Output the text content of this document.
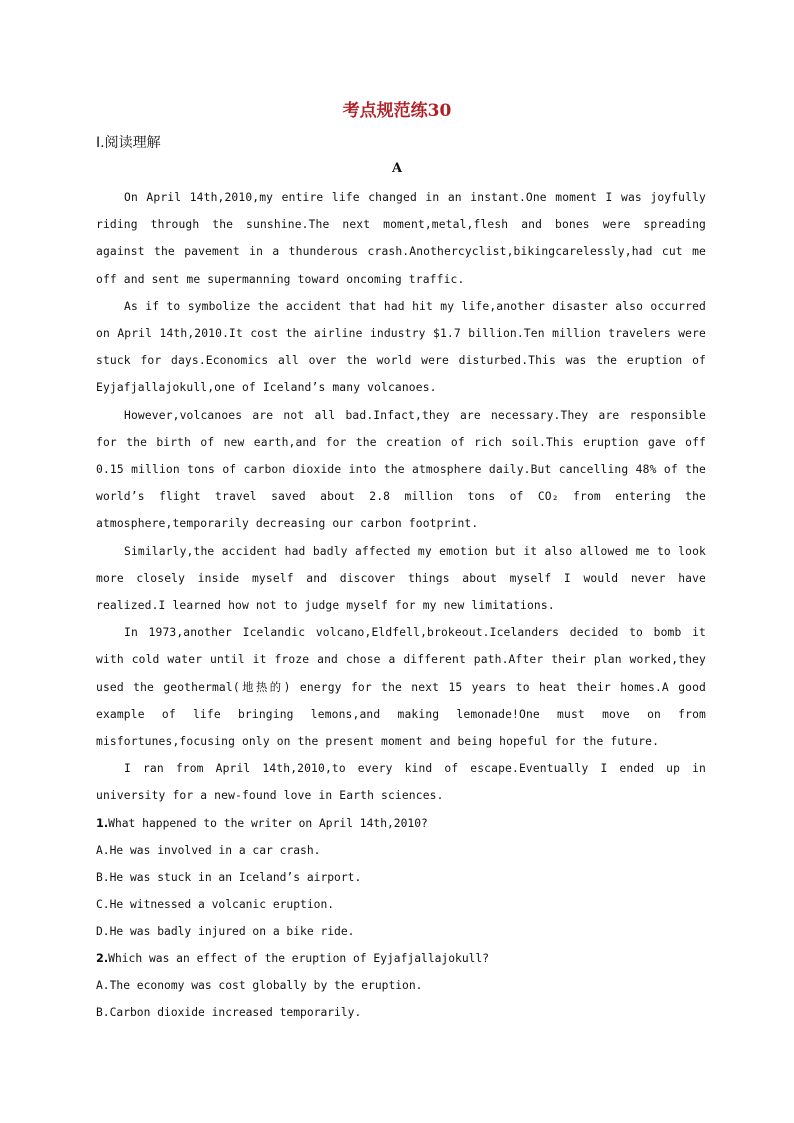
考点规范练30
Ⅰ.阅读理解
A

On April 14th,2010,my entire life changed in an instant.One moment I was joyfully riding through the sunshine.The next moment,metal,flesh and bones were spreading against the pavement in a thunderous crash.Anothercyclist,bikingcarelessly,had cut me off and sent me supermanning toward oncoming traffic.

As if to symbolize the accident that had hit my life,another disaster also occurred on April 14th,2010.It cost the airline industry $1.7 billion.Ten million travelers were stuck for days.Economics all over the world were disturbed.This was the eruption of Eyjafjallajokull,one of Iceland’s many volcanoes.

However,volcanoes are not all bad.Infact,they are necessary.They are responsible for the birth of new earth,and for the creation of rich soil.This eruption gave off 0.15 million tons of carbon dioxide into the atmosphere daily.But cancelling 48% of the world’s flight travel saved about 2.8 million tons of CO₂ from entering the atmosphere,temporarily decreasing our carbon footprint.

Similarly,the accident had badly affected my emotion but it also allowed me to look more closely inside myself and discover things about myself I would never have realized.I learned how not to judge myself for my new limitations.

In 1973,another Icelandic volcano,Eldfell,brokeout.Icelanders decided to bomb it with cold water until it froze and chose a different path.After their plan worked,they used the geothermal(地热的) energy for the next 15 years to heat their homes.A good example of life bringing lemons,and making lemonade!One must move on from misfortunes,focusing only on the present moment and being hopeful for the future.

I ran from April 14th,2010,to every kind of escape.Eventually I ended up in university for a new-found love in Earth sciences.

1.What happened to the writer on April 14th,2010?

A.He was involved in a car crash.

B.He was stuck in an Iceland’s airport.

C.He witnessed a volcanic eruption.

D.He was badly injured on a bike ride.

2.Which was an effect of the eruption of Eyjafjallajokull?

A.The economy was cost globally by the eruption.

B.Carbon dioxide increased temporarily.
